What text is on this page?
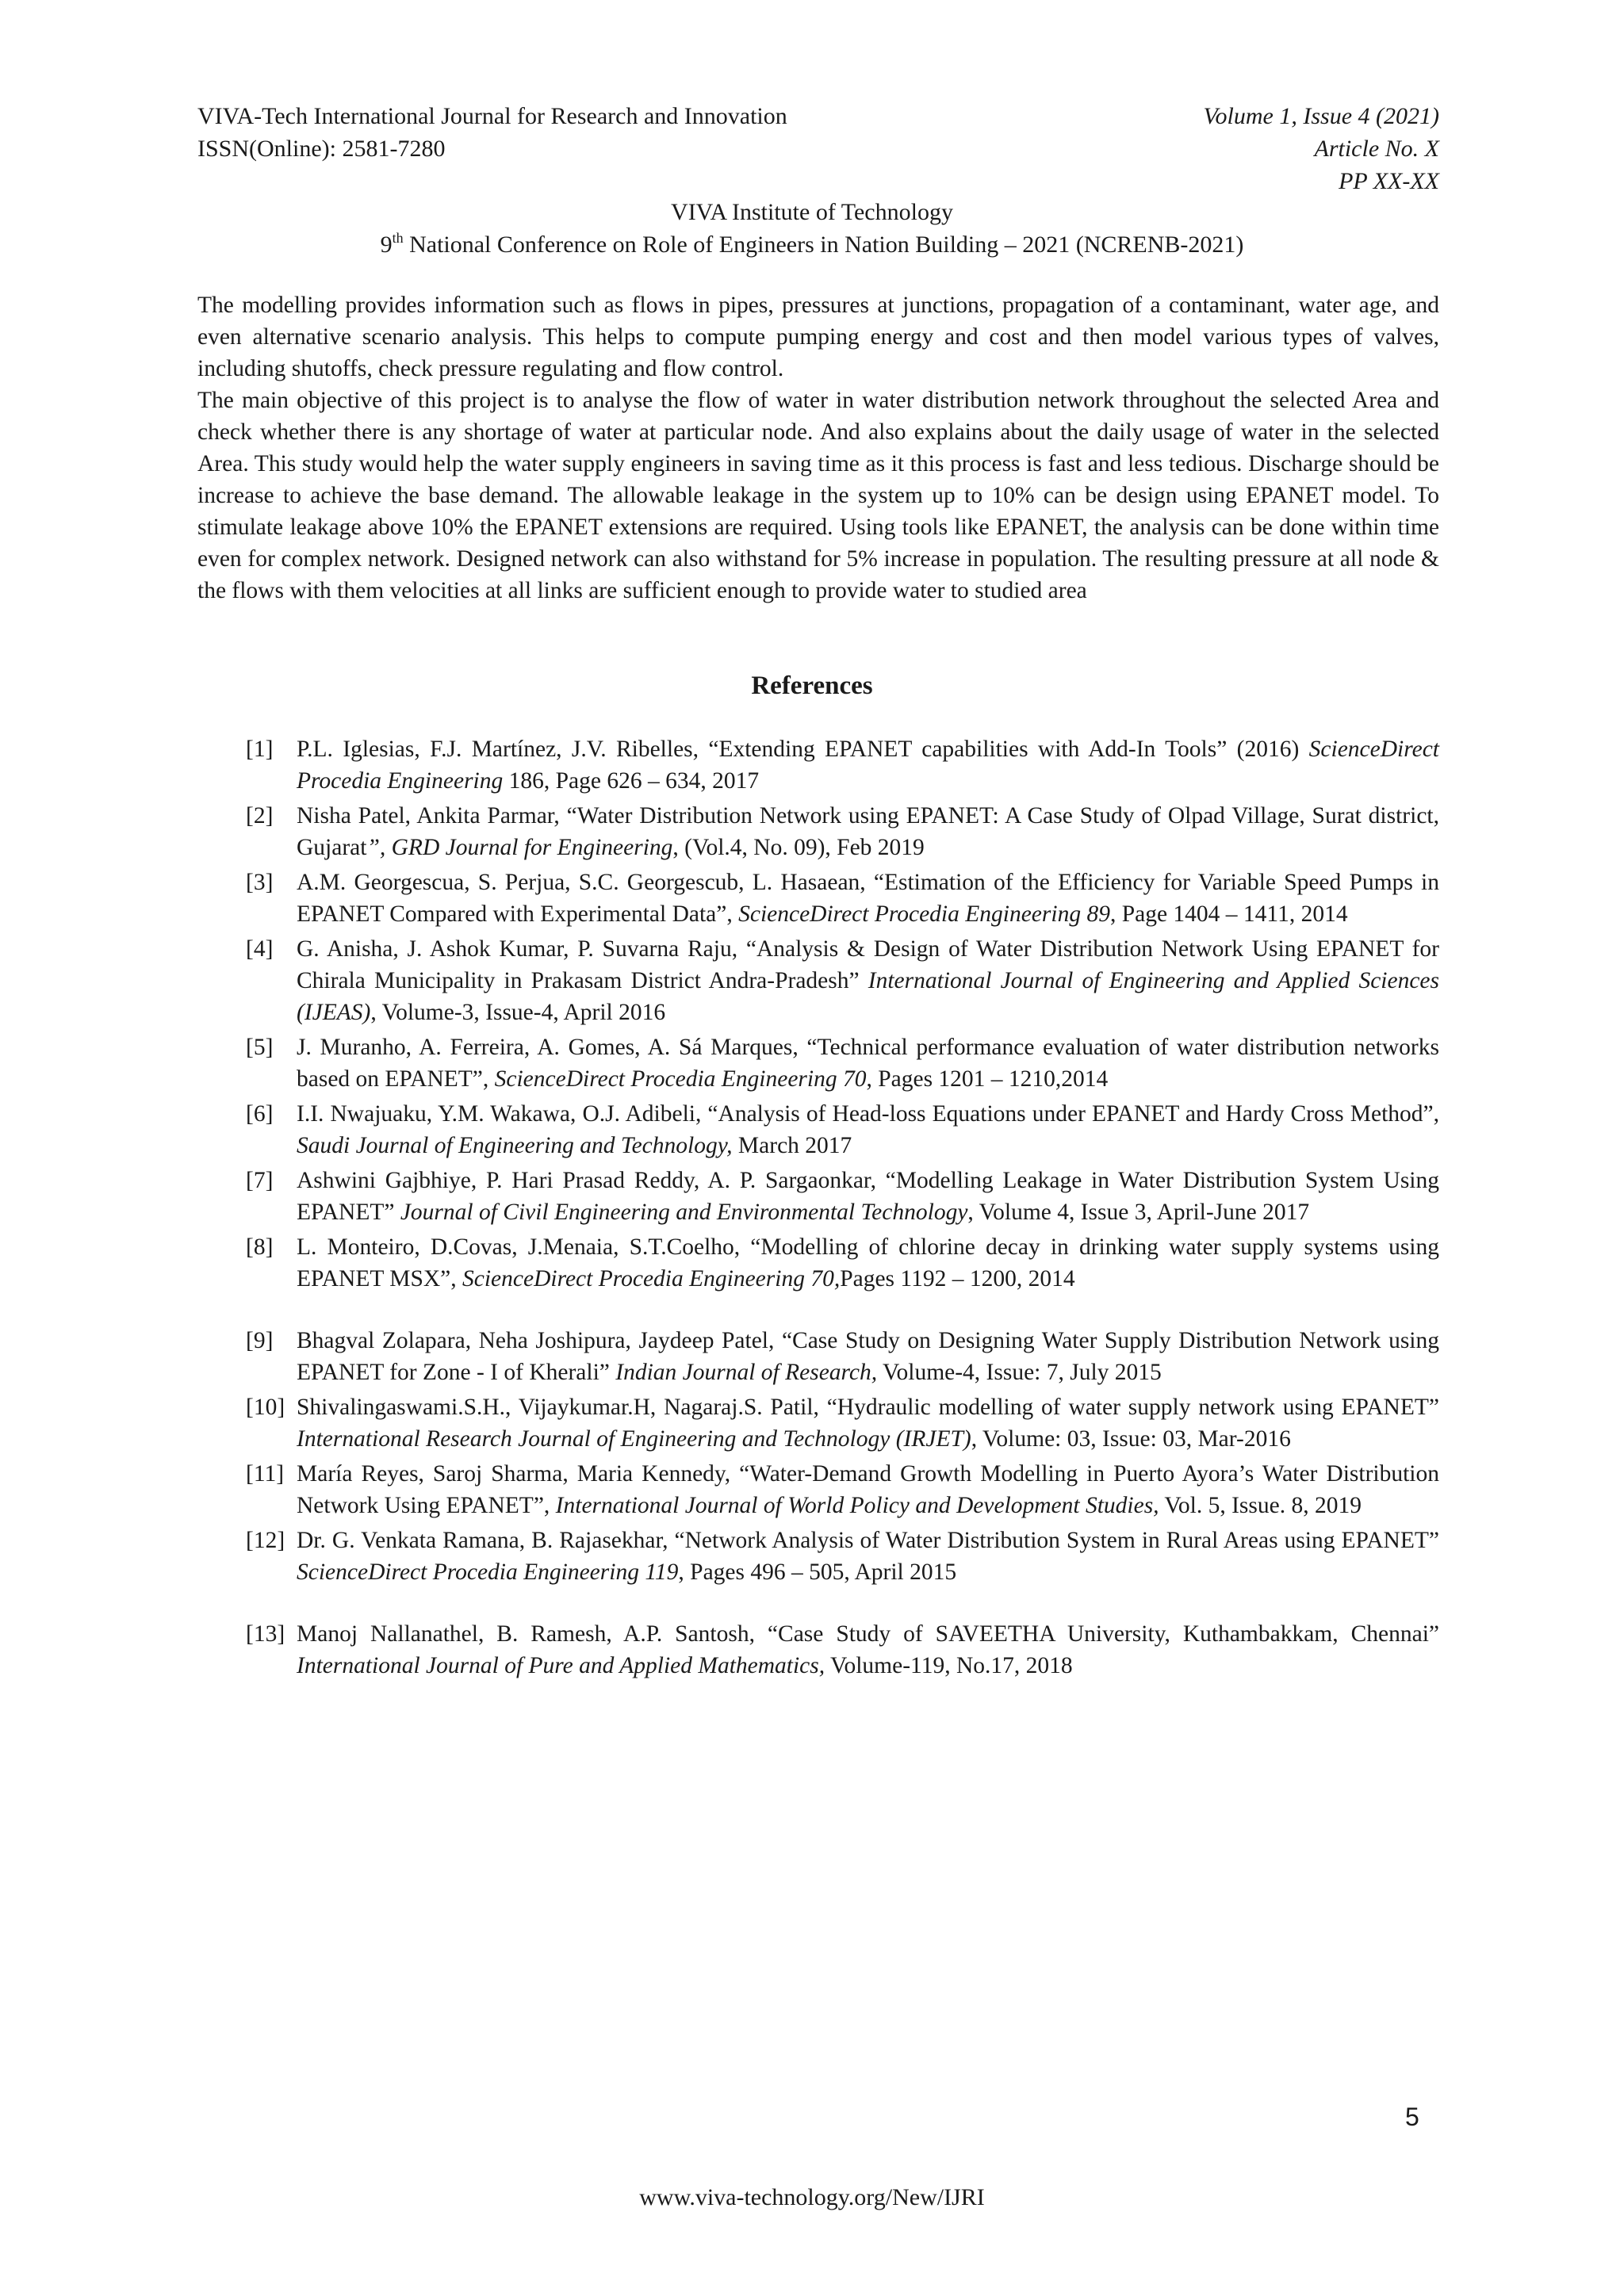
VIVA-Tech International Journal for Research and Innovation
ISSN(Online): 2581-7280
Volume 1, Issue 4 (2021)
Article No. X
PP XX-XX
VIVA Institute of Technology
9th National Conference on Role of Engineers in Nation Building – 2021 (NCRENB-2021)

The modelling provides information such as flows in pipes, pressures at junctions, propagation of a contaminant, water age, and even alternative scenario analysis. This helps to compute pumping energy and cost and then model various types of valves, including shutoffs, check pressure regulating and flow control.

The main objective of this project is to analyse the flow of water in water distribution network throughout the selected Area and check whether there is any shortage of water at particular node. And also explains about the daily usage of water in the selected Area. This study would help the water supply engineers in saving time as it this process is fast and less tedious. Discharge should be increase to achieve the base demand. The allowable leakage in the system up to 10% can be design using EPANET model. To stimulate leakage above 10% the EPANET extensions are required. Using tools like EPANET, the analysis can be done within time even for complex network. Designed network can also withstand for 5% increase in population. The resulting pressure at all node & the flows with them velocities at all links are sufficient enough to provide water to studied area

References
[1] P.L. Iglesias, F.J. Martínez, J.V. Ribelles, “Extending EPANET capabilities with Add-In Tools” (2016) ScienceDirect Procedia Engineering 186, Page 626 – 634, 2017
[2] Nisha Patel, Ankita Parmar, “Water Distribution Network using EPANET: A Case Study of Olpad Village, Surat district, Gujarat”, GRD Journal for Engineering, (Vol.4, No. 09), Feb 2019
[3] A.M. Georgescua, S. Perjua, S.C. Georgescub, L. Hasaean, “Estimation of the Efficiency for Variable Speed Pumps in EPANET Compared with Experimental Data”, ScienceDirect Procedia Engineering 89, Page 1404 – 1411, 2014
[4] G. Anisha, J. Ashok Kumar, P. Suvarna Raju, “Analysis & Design of Water Distribution Network Using EPANET for Chirala Municipality in Prakasam District Andra-Pradesh” International Journal of Engineering and Applied Sciences (IJEAS), Volume-3, Issue-4, April 2016
[5] J. Muranho, A. Ferreira, A. Gomes, A. Sá Marques, “Technical performance evaluation of water distribution networks based on EPANET”, ScienceDirect Procedia Engineering 70, Pages 1201 – 1210,2014
[6] I.I. Nwajuaku, Y.M. Wakawa, O.J. Adibeli, “Analysis of Head-loss Equations under EPANET and Hardy Cross Method”, Saudi Journal of Engineering and Technology, March 2017
[7] Ashwini Gajbhiye, P. Hari Prasad Reddy, A. P. Sargaonkar, “Modelling Leakage in Water Distribution System Using EPANET” Journal of Civil Engineering and Environmental Technology, Volume 4, Issue 3, April-June 2017
[8] L. Monteiro, D.Covas, J.Menaia, S.T.Coelho, “Modelling of chlorine decay in drinking water supply systems using EPANET MSX”, ScienceDirect Procedia Engineering 70,Pages 1192 – 1200, 2014
[9] Bhagval Zolapara, Neha Joshipura, Jaydeep Patel, “Case Study on Designing Water Supply Distribution Network using EPANET for Zone - I of Kherali” Indian Journal of Research, Volume-4, Issue: 7, July 2015
[10] Shivalingaswami.S.H., Vijaykumar.H, Nagaraj.S. Patil, “Hydraulic modelling of water supply network using EPANET” International Research Journal of Engineering and Technology (IRJET), Volume: 03, Issue: 03, Mar-2016
[11] María Reyes, Saroj Sharma, Maria Kennedy, “Water-Demand Growth Modelling in Puerto Ayora’s Water Distribution Network Using EPANET”, International Journal of World Policy and Development Studies, Vol. 5, Issue. 8, 2019
[12] Dr. G. Venkata Ramana, B. Rajasekhar, “Network Analysis of Water Distribution System in Rural Areas using EPANET” ScienceDirect Procedia Engineering 119, Pages 496 – 505, April 2015
[13] Manoj Nallanathel, B. Ramesh, A.P. Santosh, “Case Study of SAVEETHA University, Kuthambakkam, Chennai” International Journal of Pure and Applied Mathematics, Volume-119, No.17, 2018
5
www.viva-technology.org/New/IJRI
